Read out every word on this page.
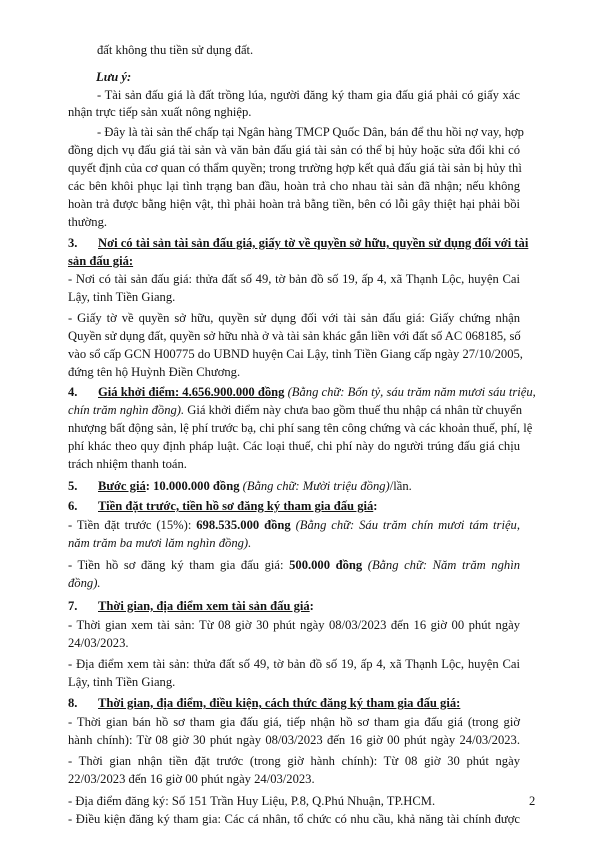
đất không thu tiền sử dụng đất.

Lưu ý:

- Tài sản đấu giá là đất trồng lúa, người đăng ký tham gia đấu giá phải có giấy xác

nhận trực tiếp sản xuất nông nghiệp.

- Đây là tài sản thế chấp tại Ngân hàng TMCP Quốc Dân, bán để thu hồi nợ vay, hợp

đồng dịch vụ đấu giá tài sản và văn bản đấu giá tài sản có thể bị hủy hoặc sửa đổi khi có

quyết định của cơ quan có thẩm quyền; trong trường hợp kết quả đấu giá tài sản bị hủy thì

các bên khôi phục lại tình trạng ban đầu, hoàn trả cho nhau tài sản đã nhận; nếu không

hoàn trả được bằng hiện vật, thì phải hoàn trả bằng tiền, bên có lỗi gây thiệt hại phải bồi

thường.

3. Nơi có tài sản tài sản đấu giá, giấy tờ về quyền sở hữu, quyền sử dụng đối với tài

sản đấu giá:

- Nơi có tài sản đấu giá: thửa đất số 49, tờ bản đồ số 19, ấp 4, xã Thạnh Lộc, huyện Cai

Lậy, tỉnh Tiền Giang.

- Giấy tờ về quyền sở hữu, quyền sử dụng đối với tài sản đấu giá: Giấy chứng nhận

Quyền sử dụng đất, quyền sở hữu nhà ở và tài sản khác gắn liền với đất số AC 068185, số

vào sổ cấp GCN H00775 do UBND huyện Cai Lậy, tỉnh Tiền Giang cấp ngày 27/10/2005,

đứng tên hộ Huỳnh Điền Chương.

4. Giá khởi điểm: 4.656.900.000 đồng (Bằng chữ: Bốn tỷ, sáu trăm năm mươi sáu triệu,

chín trăm nghìn đồng). Giá khởi điểm này chưa bao gồm thuế thu nhập cá nhân từ chuyển

nhượng bất động sản, lệ phí trước bạ, chi phí sang tên công chứng và các khoản thuế, phí, lệ

phí khác theo quy định pháp luật. Các loại thuế, chi phí này do người trúng đấu giá chịu

trách nhiệm thanh toán.

5. Bước giá: 10.000.000 đồng (Bằng chữ: Mười triệu đồng)/lần.

6. Tiền đặt trước, tiền hồ sơ đăng ký tham gia đấu giá:

- Tiền đặt trước (15%): 698.535.000 đồng (Bằng chữ: Sáu trăm chín mươi tám triệu,

năm trăm ba mươi lăm nghìn đồng).

- Tiền hồ sơ đăng ký tham gia đấu giá: 500.000 đồng (Bằng chữ: Năm trăm nghìn

đồng).

7. Thời gian, địa điểm xem tài sản đấu giá:

- Thời gian xem tài sản: Từ 08 giờ 30 phút ngày 08/03/2023 đến 16 giờ 00 phút ngày

24/03/2023.

- Địa điểm xem tài sản: thửa đất số 49, tờ bản đồ số 19, ấp 4, xã Thạnh Lộc, huyện Cai

Lậy, tỉnh Tiền Giang.

8. Thời gian, địa điểm, điều kiện, cách thức đăng ký tham gia đấu giá:

- Thời gian bán hồ sơ tham gia đấu giá, tiếp nhận hồ sơ tham gia đấu giá (trong giờ

hành chính): Từ 08 giờ 30 phút ngày 08/03/2023 đến 16 giờ 00 phút ngày 24/03/2023.

- Thời gian nhận tiền đặt trước (trong giờ hành chính): Từ 08 giờ 30 phút ngày

22/03/2023 đến 16 giờ 00 phút ngày 24/03/2023.

- Địa điểm đăng ký: Số 151 Trần Huy Liệu, P.8, Q.Phú Nhuận, TP.HCM.

- Điều kiện đăng ký tham gia: Các cá nhân, tổ chức có nhu cầu, khả năng tài chính được

2
